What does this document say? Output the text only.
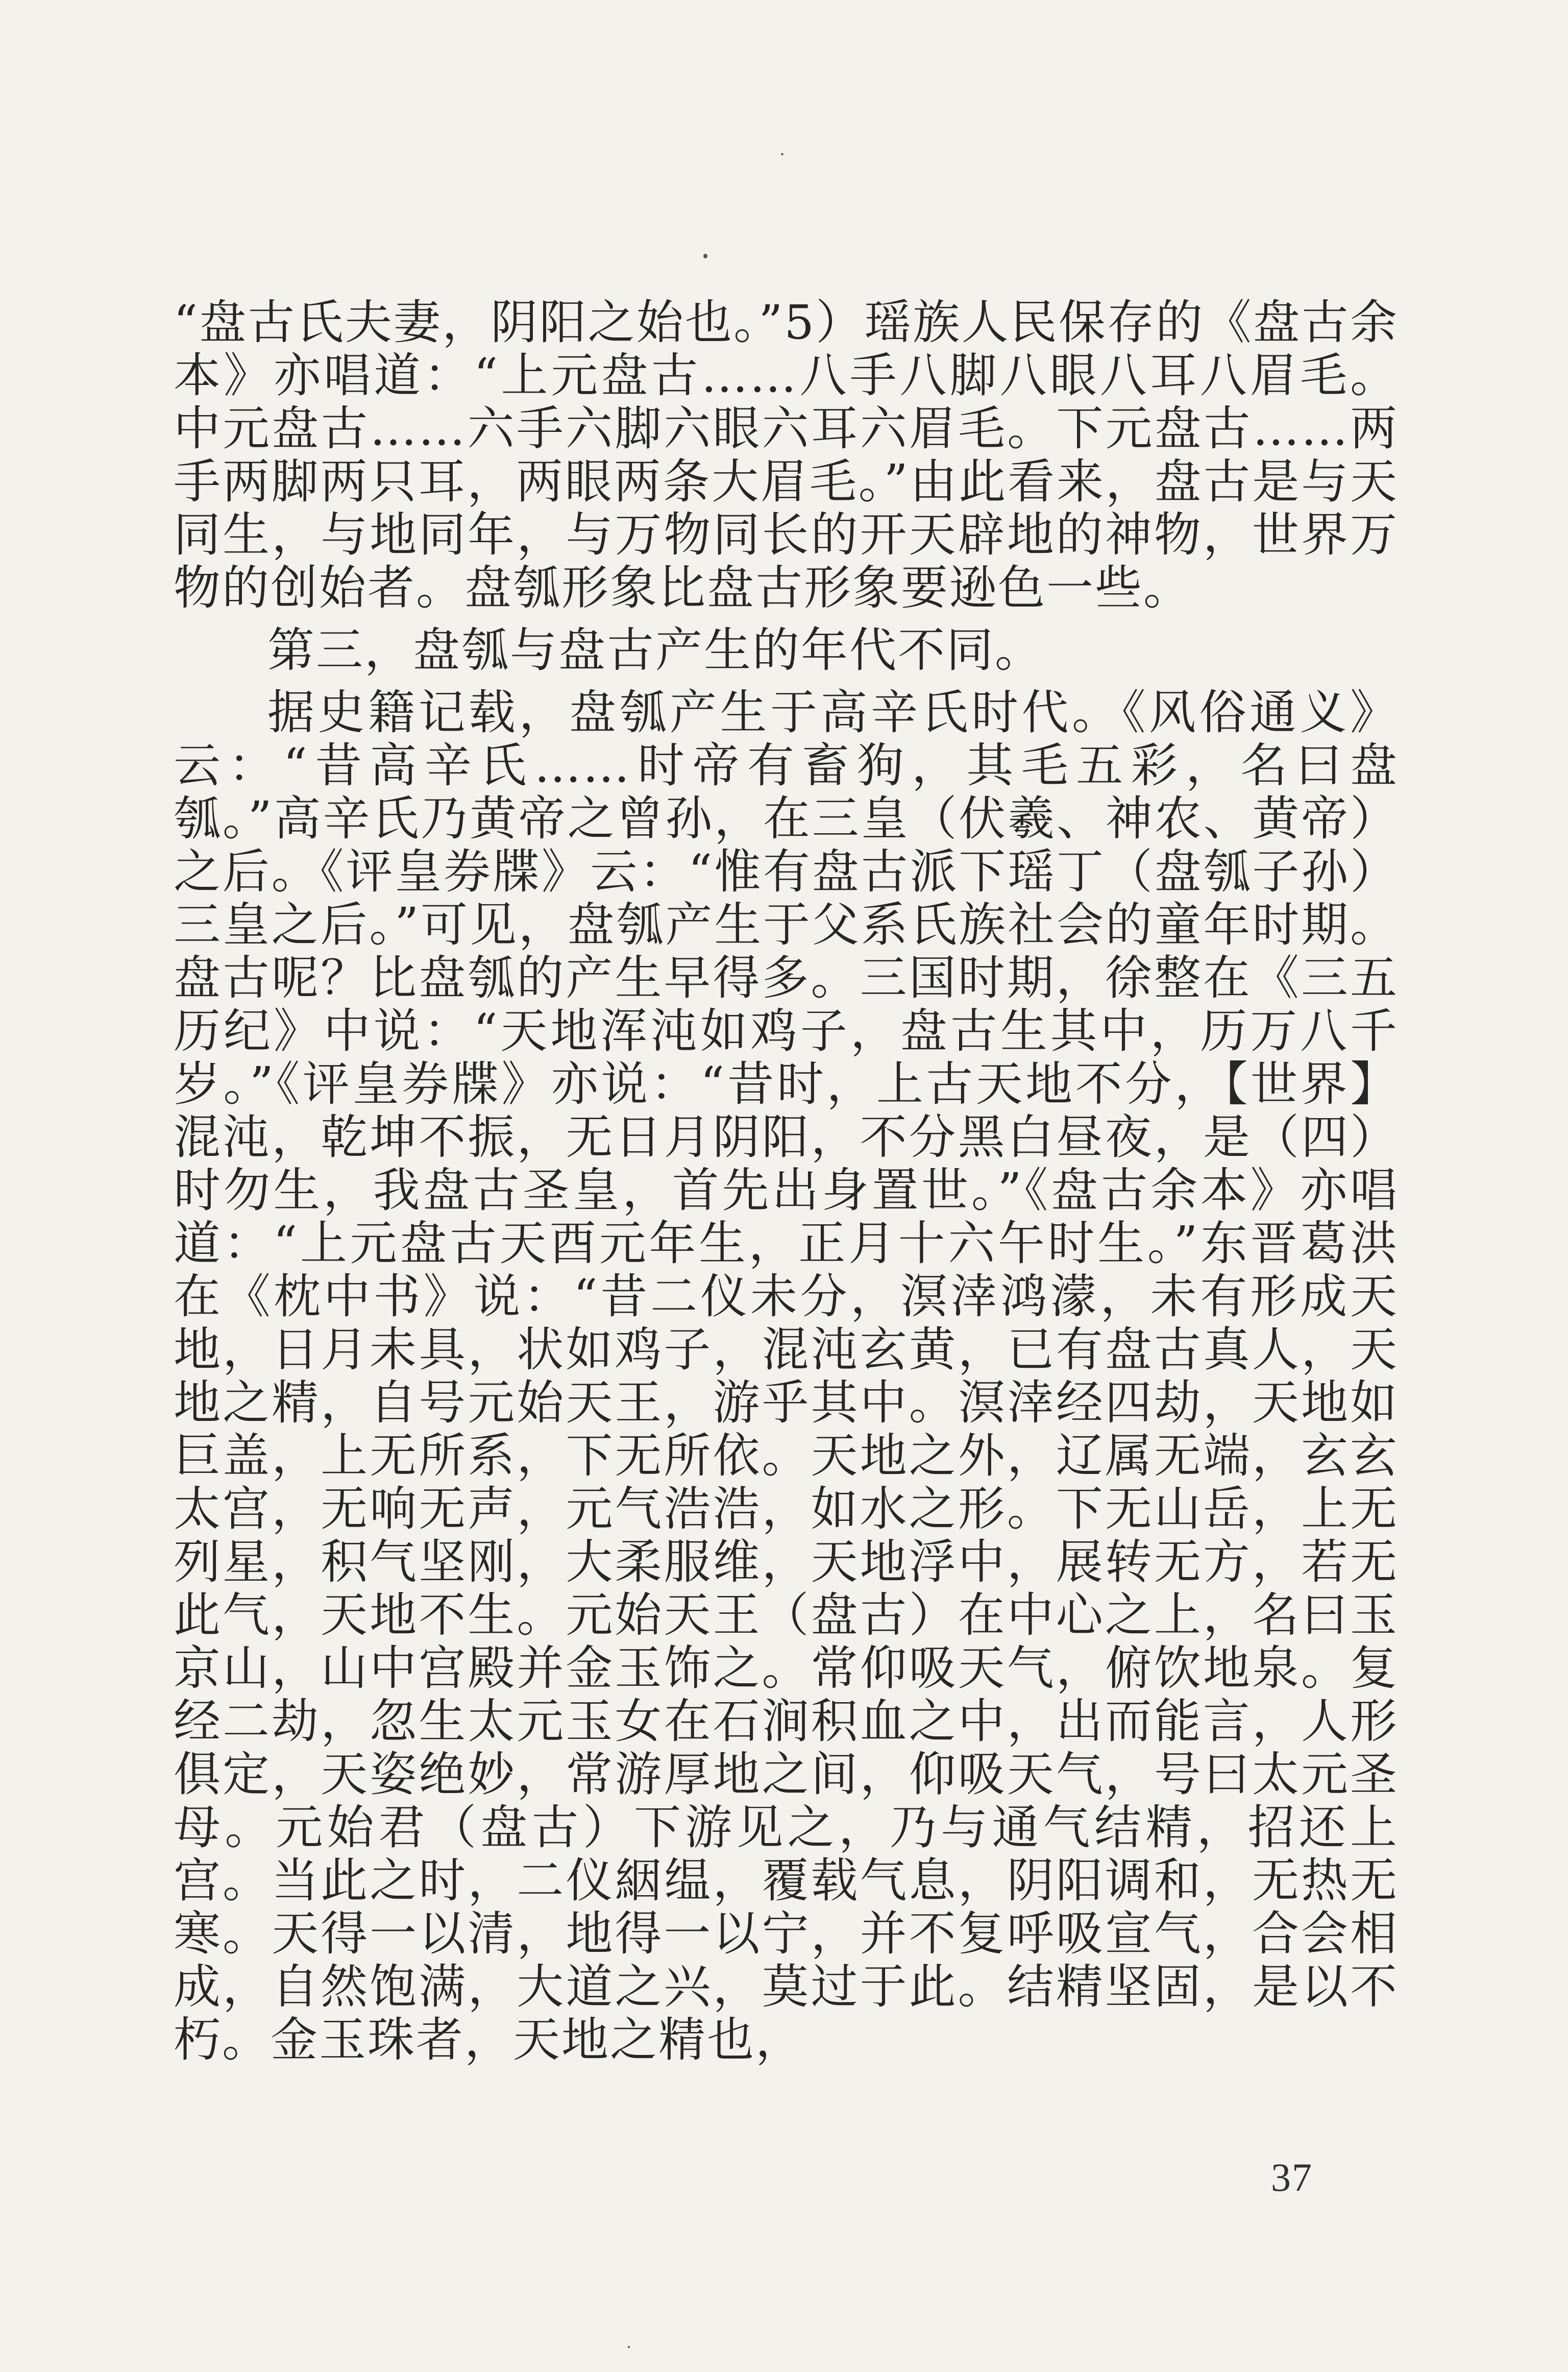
“盘古氏夫妻，阴阳之始也。”5）瑶族人民保存的《盘古余本》亦唱道：“上元盘古……八手八脚八眼八耳八眉毛。中元盘古……六手六脚六眼六耳六眉毛。下元盘古……两手两脚两只耳，两眼两条大眉毛。”由此看来，盘古是与天同生，与地同年，与万物同长的开天辟地的神物，世界万物的创始者。盘瓠形象比盘古形象要逊色一些。

第三，盘瓠与盘古产生的年代不同。

据史籍记载，盘瓠产生于高辛氏时代。《风俗通义》云：“昔高辛氏……时帝有畜狗，其毛五彩，名曰盘瓠。”高辛氏乃黄帝之曾孙，在三皇（伏羲、神农、黄帝）之后。《评皇券牒》云：“惟有盘古派下瑶丁（盘瓠子孙）三皇之后。”可见，盘瓠产生于父系氏族社会的童年时期。盘古呢？比盘瓠的产生早得多。三国时期，徐整在《三五历纪》中说：“天地浑沌如鸡子，盘古生其中，历万八千岁。”《评皇券牒》亦说：“昔时，上古天地不分，【世界】混沌，乾坤不振，无日月阴阳，不分黑白昼夜，是（四）时勿生，我盘古圣皇，首先出身置世。”《盘古余本》亦唱道：“上元盘古天酉元年生，正月十六午时生。”东晋葛洪在《枕中书》说：“昔二仪未分，溟涬鸿濛，未有形成天地，日月未具，状如鸡子，混沌玄黄，已有盘古真人，天地之精，自号元始天王，游乎其中。溟涬经四劫，天地如巨盖，上无所系，下无所依。天地之外，辽属无端，玄玄太宫，无响无声，元气浩浩，如水之形。下无山岳，上无列星，积气坚刚，大柔服维，天地浮中，展转无方，若无此气，天地不生。元始天王（盘古）在中心之上，名曰玉京山，山中宫殿并金玉饰之。常仰吸天气，俯饮地泉。复经二劫，忽生太元玉女在石涧积血之中，出而能言，人形俱定，天姿绝妙，常游厚地之间，仰吸天气，号曰太元圣母。元始君（盘古）下游见之，乃与通气结精，招还上宫。当此之时，二仪絪缊，覆载气息，阴阳调和，无热无寒。天得一以清，地得一以宁，并不复呼吸宣气，合会相成，自然饱满，大道之兴，莫过于此。结精坚固，是以不朽。金玉珠者，天地之精也，

37
